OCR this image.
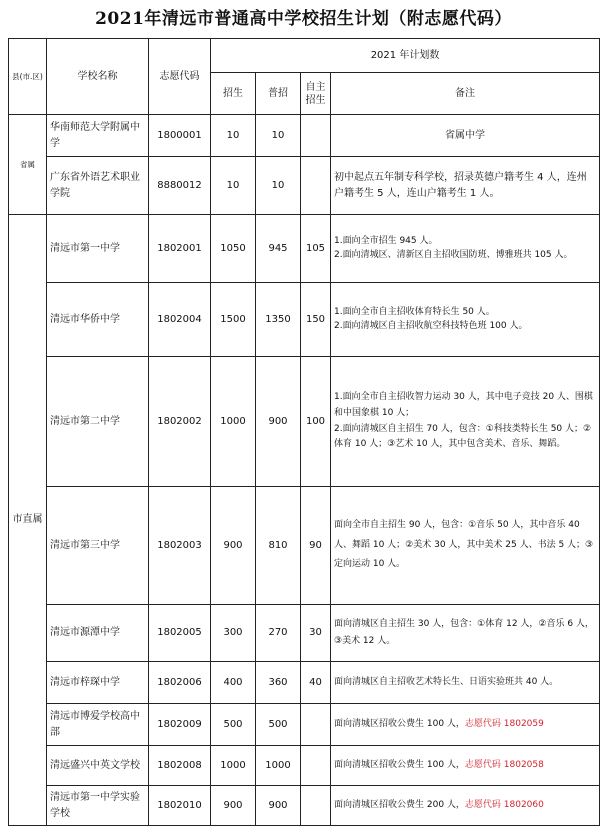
2021年清远市普通高中学校招生计划（附志愿代码）
县(市.区)	学校名称	志愿代码	2021 年计划数			
			招生	普招	自主招生	备注
省属	华南师范大学附属中学	1800001	10	10		省属中学
	广东省外语艺术职业学院	8880012	10	10		初中起点五年制专科学校，招录英德户籍考生 4 人，连州户籍考生 5 人，连山户籍考生 1 人。
市直属	清远市第一中学	1802001	1050	945	105	1.面向全市招生 945 人。
2.面向清城区、清新区自主招收国防班、博雅班共 105 人。
	清远市华侨中学	1802004	1500	1350	150	1.面向全市自主招收体育特长生 50 人。
2.面向清城区自主招收航空科技特色班 100 人。
	清远市第二中学	1802002	1000	900	100	1.面向全市自主招收智力运动 30 人，其中电子竞技 20 人、围棋和中国象棋 10 人；
2.面向清城区自主招生 70 人，包含：①科技类特长生 50 人；②体育 10 人；③艺术 10 人，其中包含美术、音乐、舞蹈。
	清远市第三中学	1802003	900	810	90	面向全市自主招生 90 人，包含：①音乐 50 人，其中音乐 40 人、舞蹈 10 人；②美术 30 人，其中美术 25 人、书法 5 人；③定向运动 10 人。
	清远市源潭中学	1802005	300	270	30	面向清城区自主招生 30 人，包含：①体育 12 人，②音乐 6 人，③美术 12 人。
	清远市梓琛中学	1802006	400	360	40	面向清城区自主招收艺术特长生、日语实验班共 40 人。
	清远市博爱学校高中部	1802009	500	500		面向清城区招收公费生 100 人，志愿代码 1802059
	清远盛兴中英文学校	1802008	1000	1000		面向清城区招收公费生 100 人，志愿代码 1802058
	清远市第一中学实验学校	1802010	900	900		面向清城区招收公费生 200 人，志愿代码 1802060
